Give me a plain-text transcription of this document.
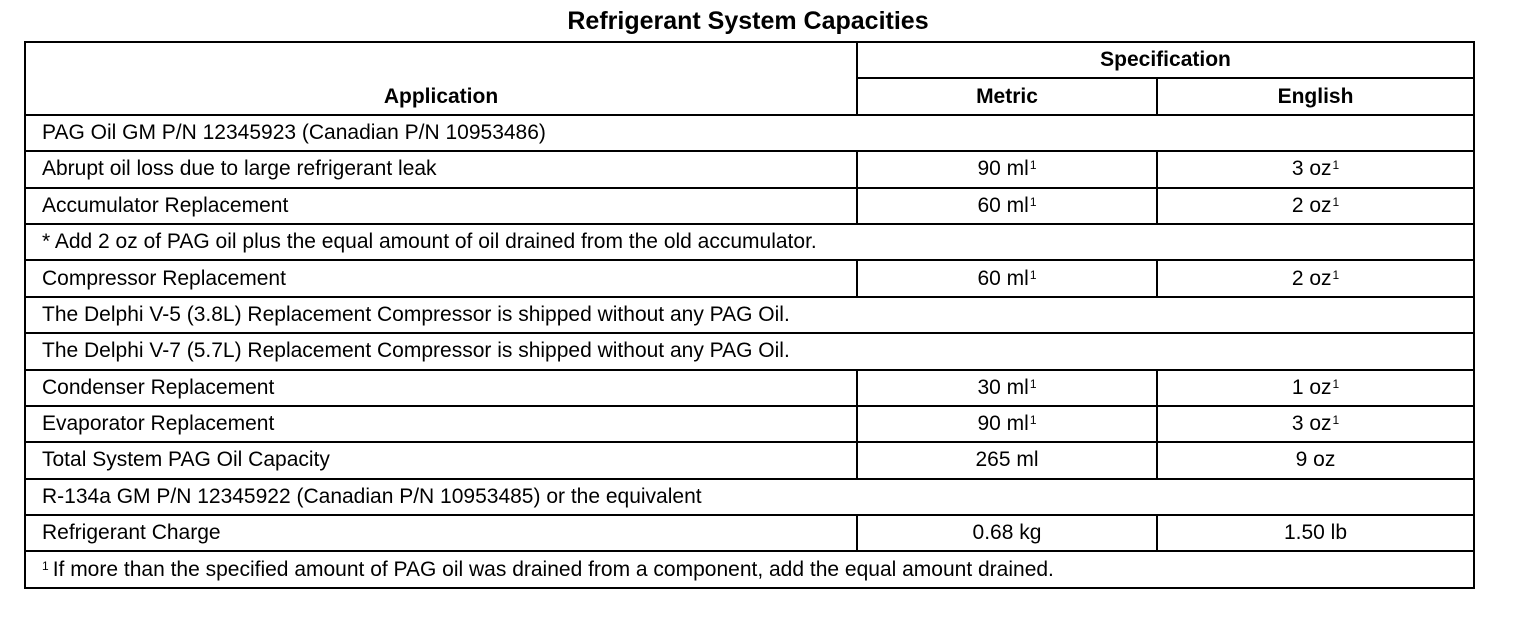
Refrigerant System Capacities
Application	Specification	
	Metric	English
PAG Oil GM P/N 12345923 (Canadian P/N 10953486)		
Abrupt oil loss due to large refrigerant leak	90 $ml^1$	3 $oz^1$
Accumulator Replacement	60 $ml^1$	2 $oz^1$
* Add 2 oz of PAG oil plus the equal amount of oil drained from the old accumulator.		
Compressor Replacement	60 $ml^1$	2 $oz^1$
The Delphi V-5 (3.8L) Replacement Compressor is shipped without any PAG Oil.		
The Delphi V-7 (5.7L) Replacement Compressor is shipped without any PAG Oil.		
Condenser Replacement	30 $ml^1$	1 $oz^1$
Evaporator Replacement	90 $ml^1$	3 $oz^1$
Total System PAG Oil Capacity	265 ml	9 oz
R-134a GM P/N 12345922 (Canadian P/N 10953485) or the equivalent		
Refrigerant Charge	0.68 kg	1.50 lb
$^1$ If more than the specified amount of PAG oil was drained from a component, add the equal amount drained.		
